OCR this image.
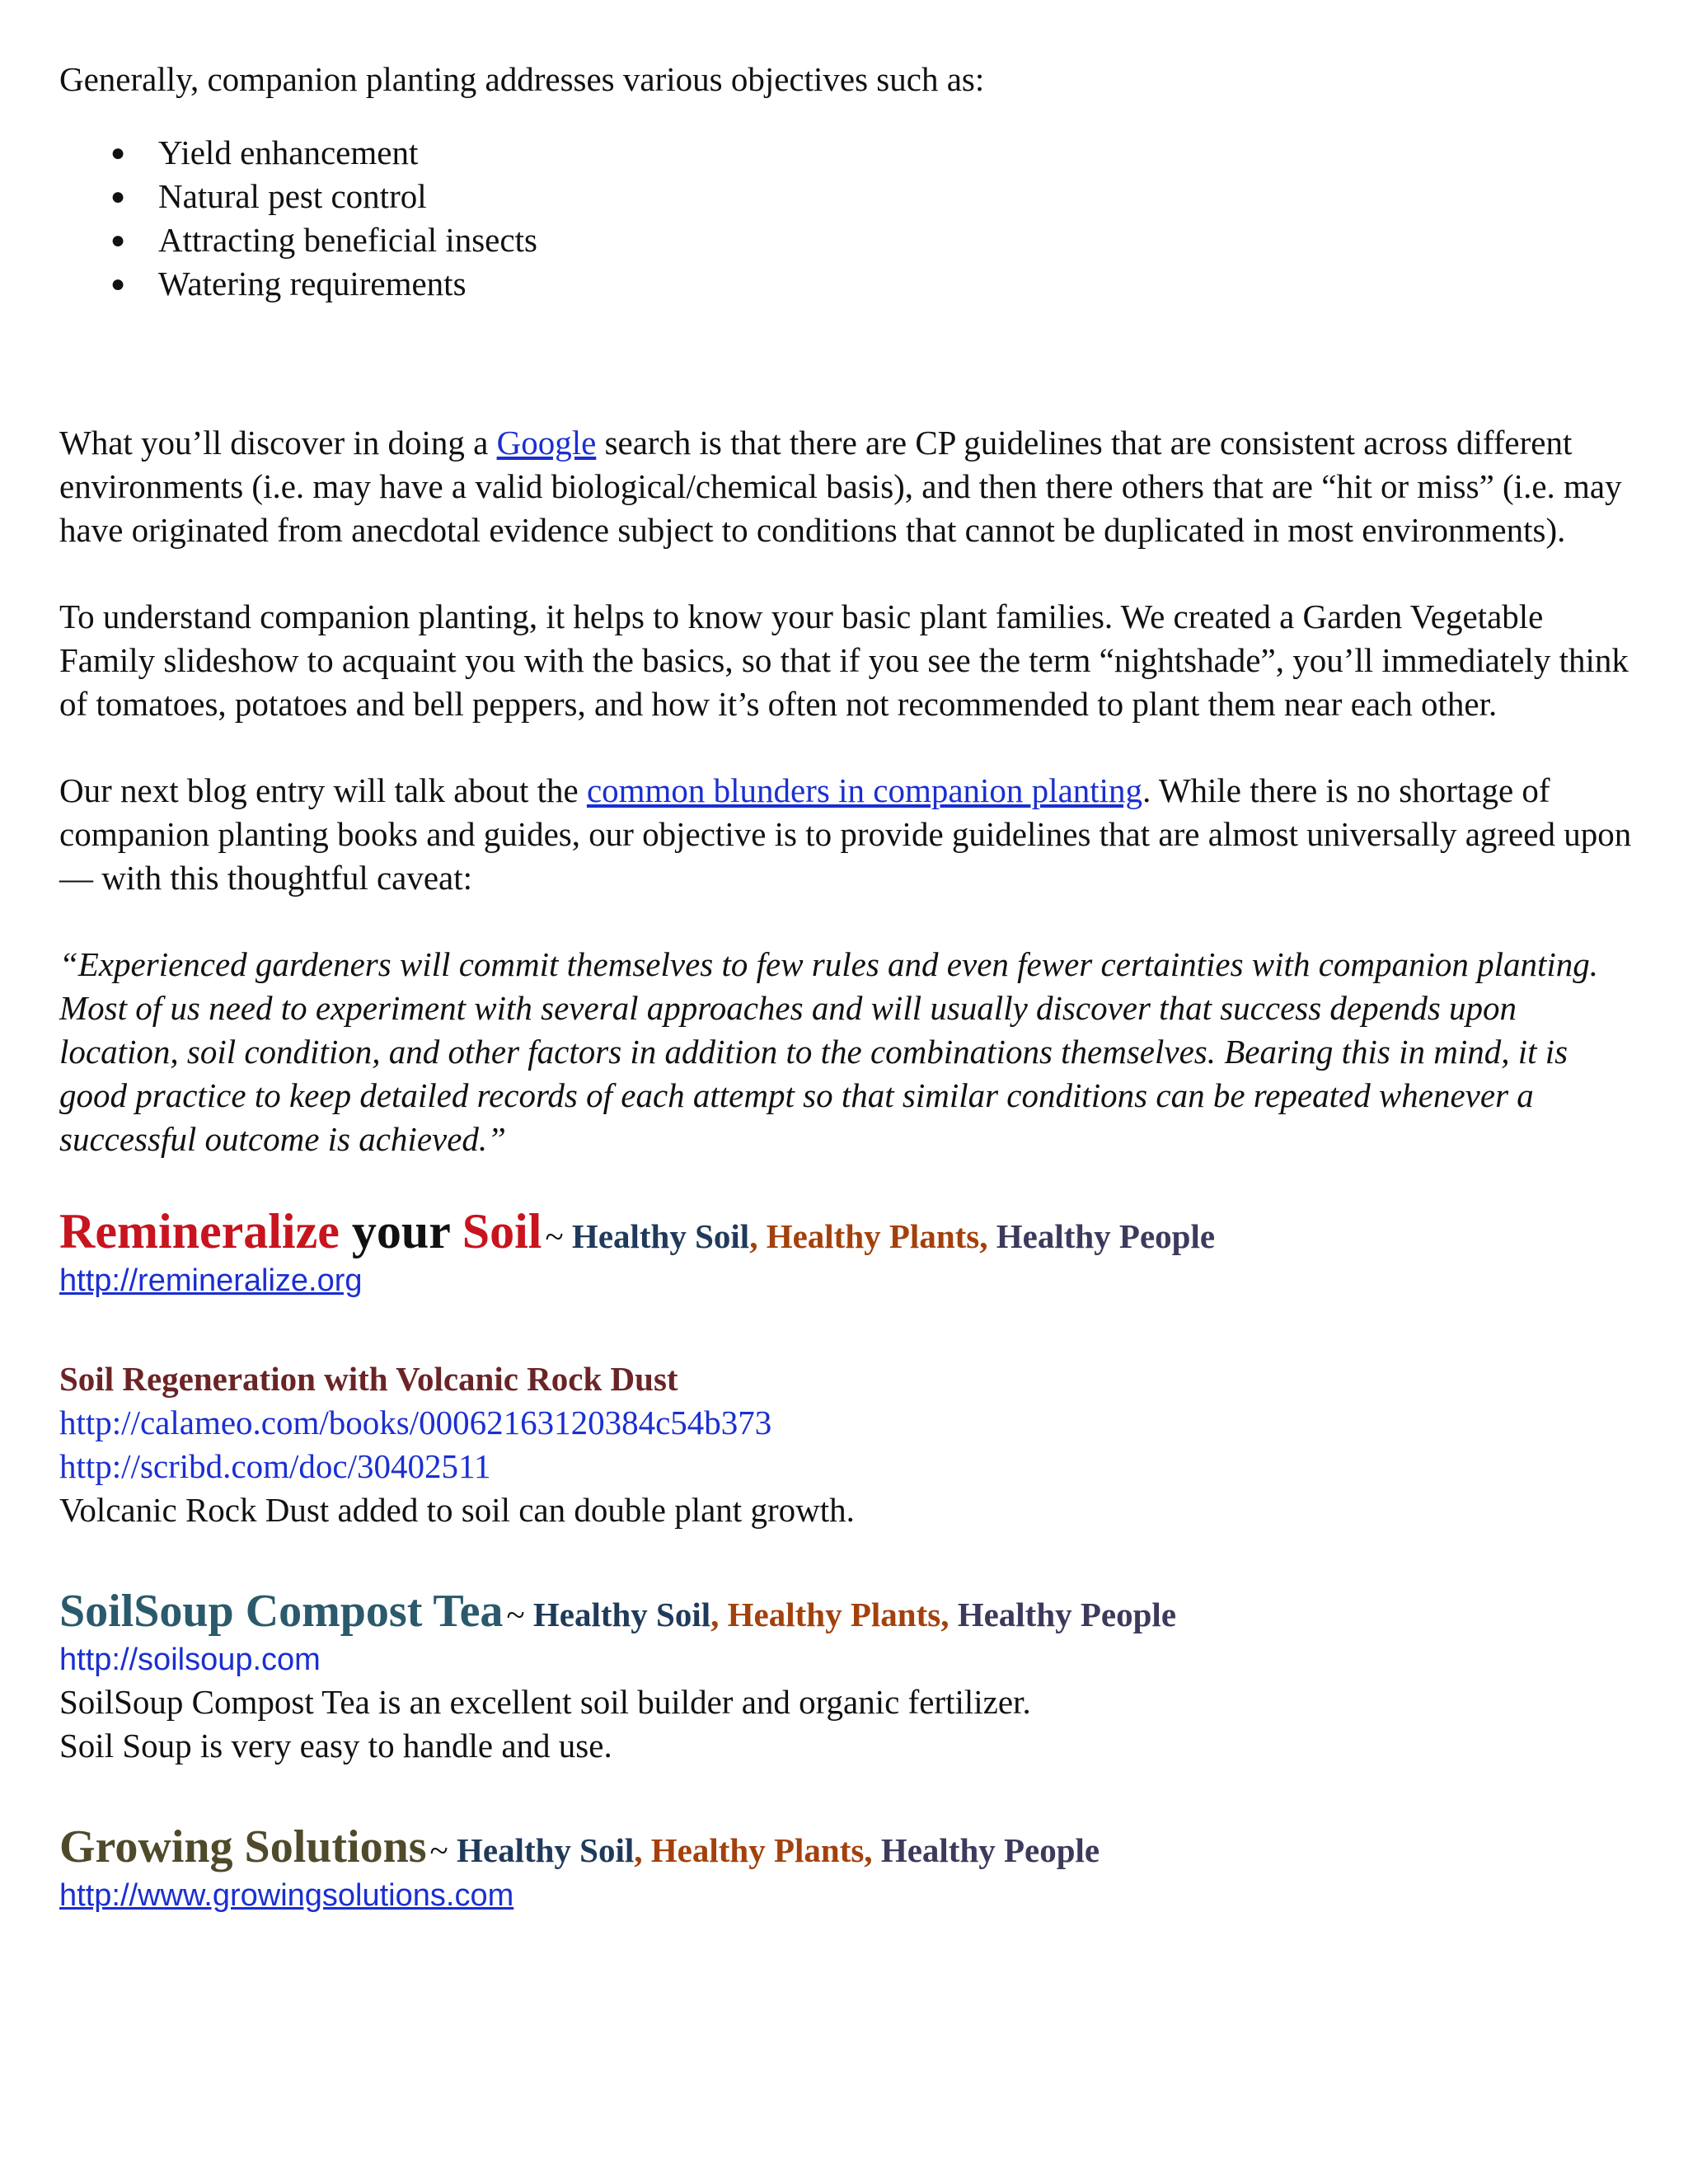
Generally, companion planting addresses various objectives such as:

● Yield enhancement
● Natural pest control
● Attracting beneficial insects
● Watering requirements

What you’ll discover in doing a Google search is that there are CP guidelines that are consistent across different environments (i.e. may have a valid biological/chemical basis), and then there others that are “hit or miss” (i.e. may have originated from anecdotal evidence subject to conditions that cannot be duplicated in most environments).

To understand companion planting, it helps to know your basic plant families. We created a Garden Vegetable Family slideshow to acquaint you with the basics, so that if you see the term “nightshade”, you’ll immediately think of tomatoes, potatoes and bell peppers, and how it’s often not recommended to plant them near each other.

Our next blog entry will talk about the common blunders in companion planting. While there is no shortage of companion planting books and guides, our objective is to provide guidelines that are almost universally agreed upon — with this thoughtful caveat:

“Experienced gardeners will commit themselves to few rules and even fewer certainties with companion planting. Most of us need to experiment with several approaches and will usually discover that success depends upon location, soil condition, and other factors in addition to the combinations themselves. Bearing this in mind, it is good practice to keep detailed records of each attempt so that similar conditions can be repeated whenever a successful outcome is achieved.”

Remineralize your Soil ~ Healthy Soil, Healthy Plants, Healthy People
http://remineralize.org
Soil Regeneration with Volcanic Rock Dust
http://calameo.com/books/00062163120384c54b373
http://scribd.com/doc/30402511

Volcanic Rock Dust added to soil can double plant growth.

SoilSoup Compost Tea ~ Healthy Soil, Healthy Plants, Healthy People
http://soilsoup.com

SoilSoup Compost Tea is an excellent soil builder and organic fertilizer.

Soil Soup is very easy to handle and use.

Growing Solutions ~ Healthy Soil, Healthy Plants, Healthy People
http://www.growingsolutions.com
